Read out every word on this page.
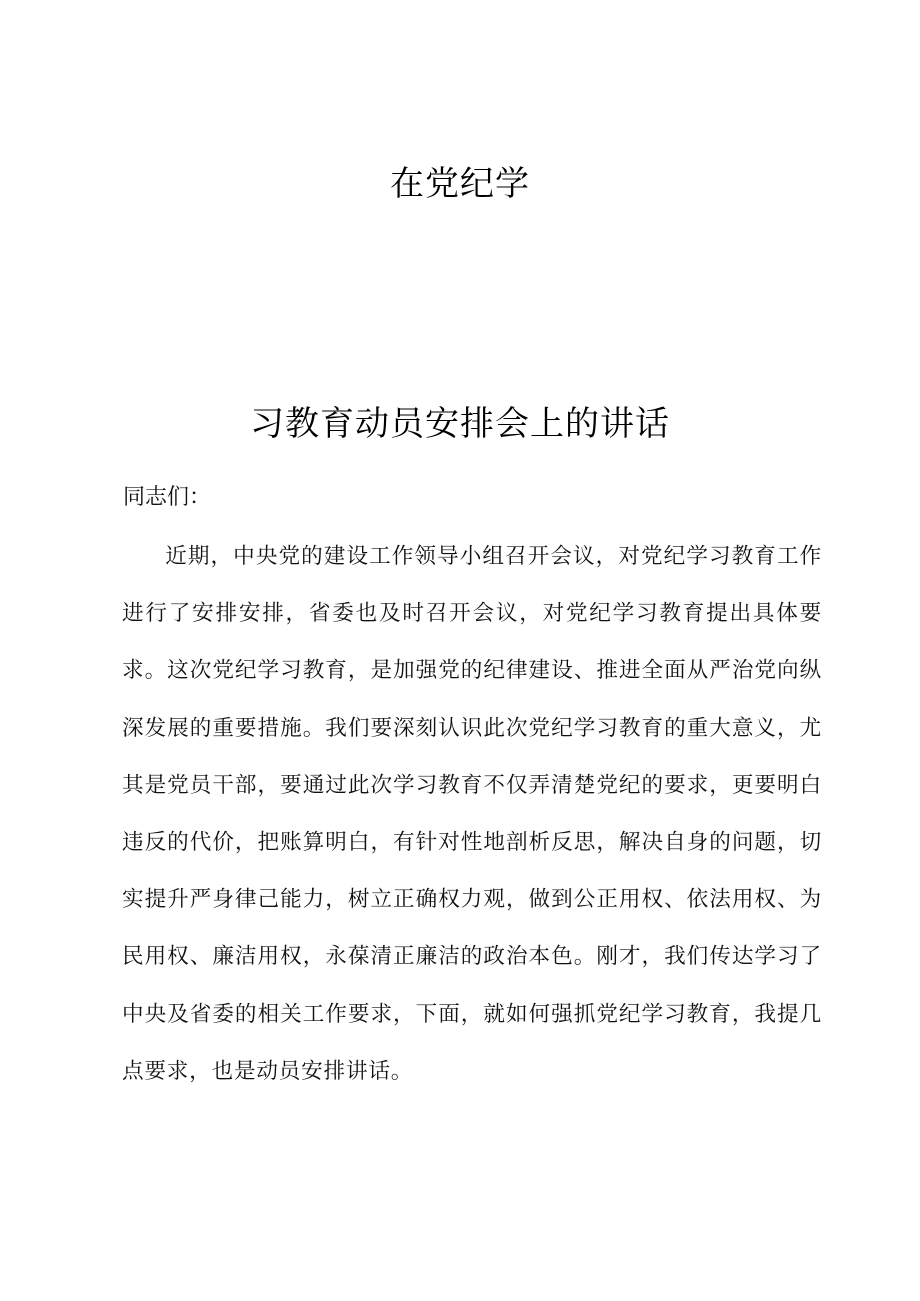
在党纪学
习教育动员安排会上的讲话
同志们：

近期，中央党的建设工作领导小组召开会议，对党纪学习教育工作进行了安排安排，省委也及时召开会议，对党纪学习教育提出具体要求。这次党纪学习教育，是加强党的纪律建设、推进全面从严治党向纵深发展的重要措施。我们要深刻认识此次党纪学习教育的重大意义，尤其是党员干部，要通过此次学习教育不仅弄清楚党纪的要求，更要明白违反的代价，把账算明白，有针对性地剖析反思，解决自身的问题，切实提升严身律己能力，树立正确权力观，做到公正用权、依法用权、为民用权、廉洁用权，永葆清正廉洁的政治本色。刚才，我们传达学习了中央及省委的相关工作要求，下面，就如何强抓党纪学习教育，我提几点要求，也是动员安排讲话。
